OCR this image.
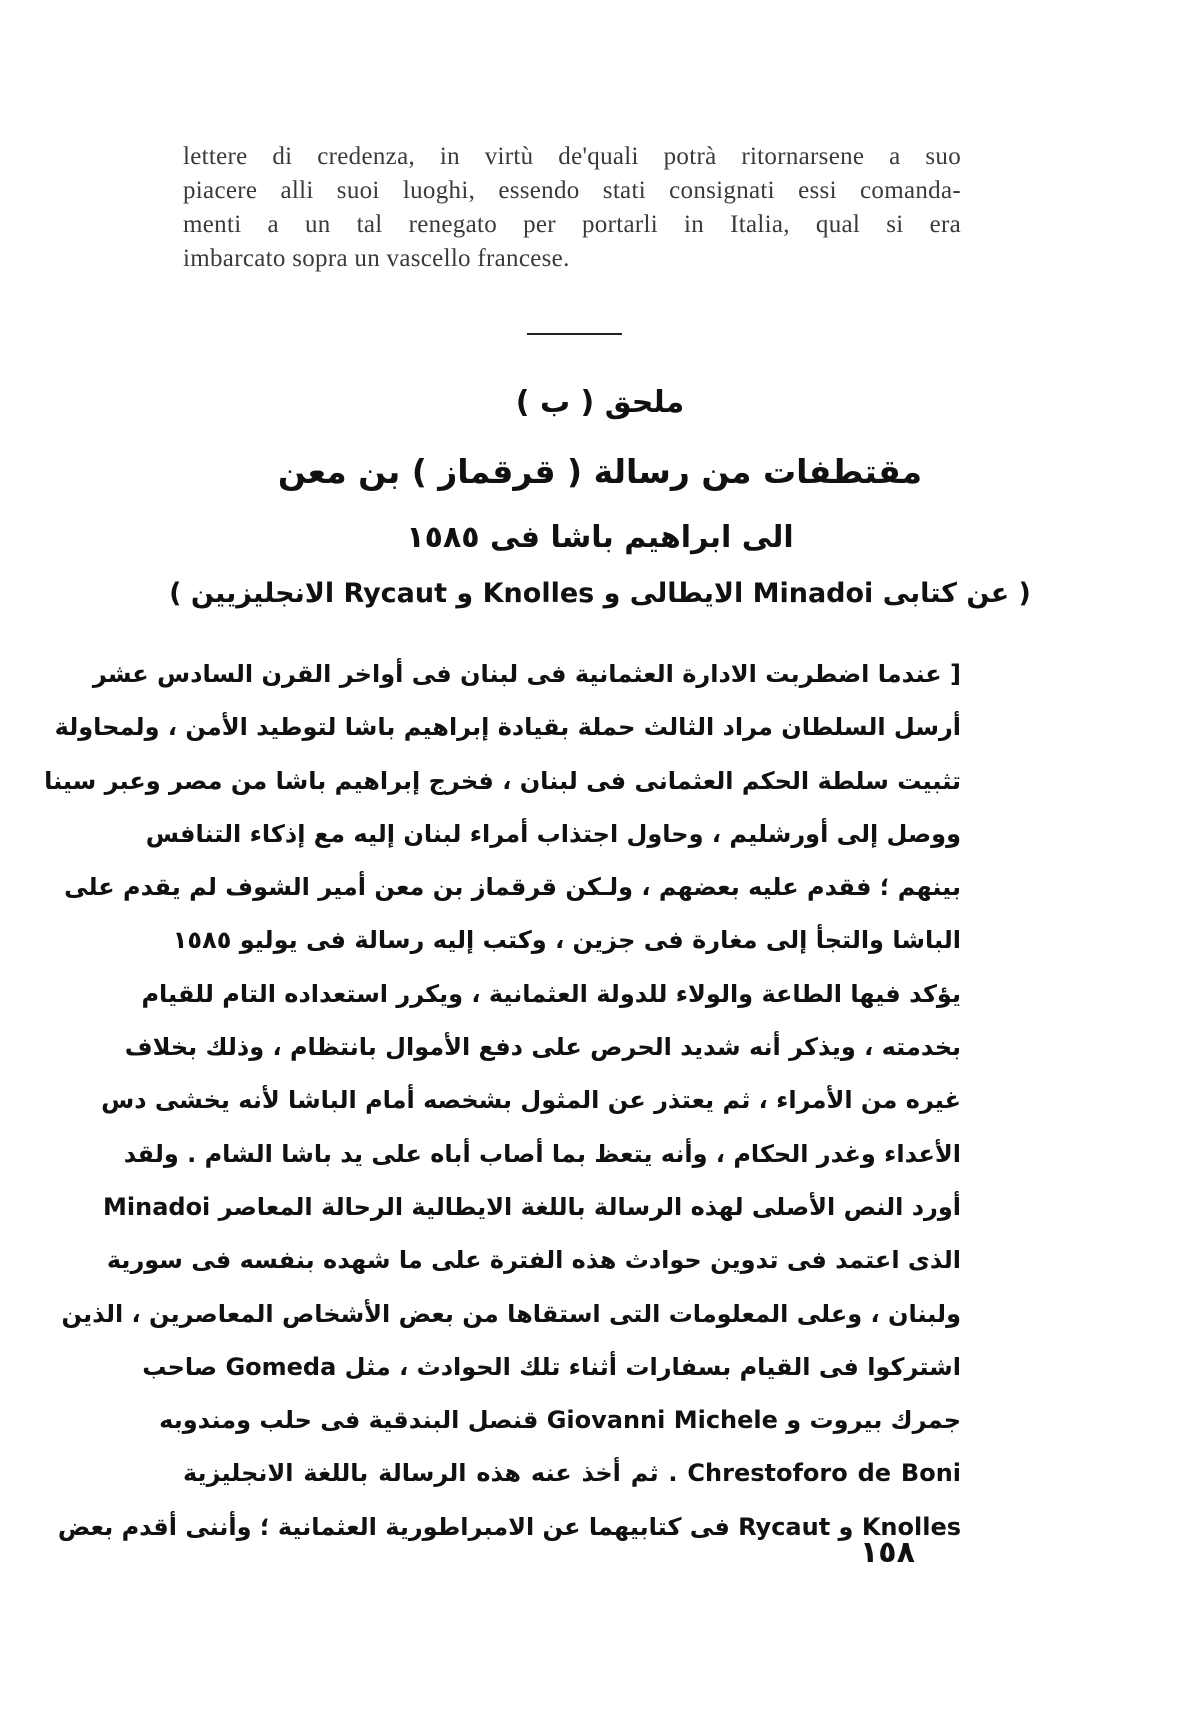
lettere di credenza, in virtù de'quali potrà ritornarsene a suo
piacere alli suoi luoghi, essendo stati consignati essi comanda-
menti a un tal renegato per portarli in Italia, qual si era
imbarcato sopra un vascello francese.
ملحق ( ب )
مقتطفات من رسالة ( قرقماز ) بن معن
الى ابراهيم باشا فى ١٥٨٥
( عن كتابى Minadoi الايطالى و Knolles و Rycaut الانجليزيين )
[ عندما اضطربت الادارة العثمانية فى لبنان فى أواخر القرن السادس عشر
أرسل السلطان مراد الثالث حملة بقيادة إبراهيم باشا لتوطيد الأمن ، ولمحاولة
تثبيت سلطة الحكم العثمانى فى لبنان ، فخرج إبراهيم باشا من مصر وعبر سينا
ووصل إلى أورشليم ، وحاول اجتذاب أمراء لبنان إليه مع إذكاء التنافس
بينهم ؛ فقدم عليه بعضهم ، ولـكن قرقماز بن معن أمير الشوف لم يقدم على
الباشا والتجأ إلى مغارة فى جزين ، وكتب إليه رسالة فى يوليو ١٥٨٥
يؤكد فيها الطاعة والولاء للدولة العثمانية ، ويكرر استعداده التام للقيام
بخدمته ، ويذكر أنه شديد الحرص على دفع الأموال بانتظام ، وذلك بخلاف
غيره من الأمراء ، ثم يعتذر عن المثول بشخصه أمام الباشا لأنه يخشى دس
الأعداء وغدر الحكام ، وأنه يتعظ بما أصاب أباه على يد باشا الشام . ولقد
أورد النص الأصلى لهذه الرسالة باللغة الايطالية الرحالة المعاصر Minadoi
الذى اعتمد فى تدوين حوادث هذه الفترة على ما شهده بنفسه فى سورية
ولبنان ، وعلى المعلومات التى استقاها من بعض الأشخاص المعاصرين ، الذين
اشتركوا فى القيام بسفارات أثناء تلك الحوادث ، مثل Gomeda صاحب
جمرك بيروت و Giovanni Michele قنصل البندقية فى حلب ومندوبه
Chrestoforo de Boni . ثم أخذ عنه هذه الرسالة باللغة الانجليزية
Knolles و Rycaut فى كتابيهما عن الامبراطورية العثمانية ؛ وأننى أقدم بعض
١٥٨
